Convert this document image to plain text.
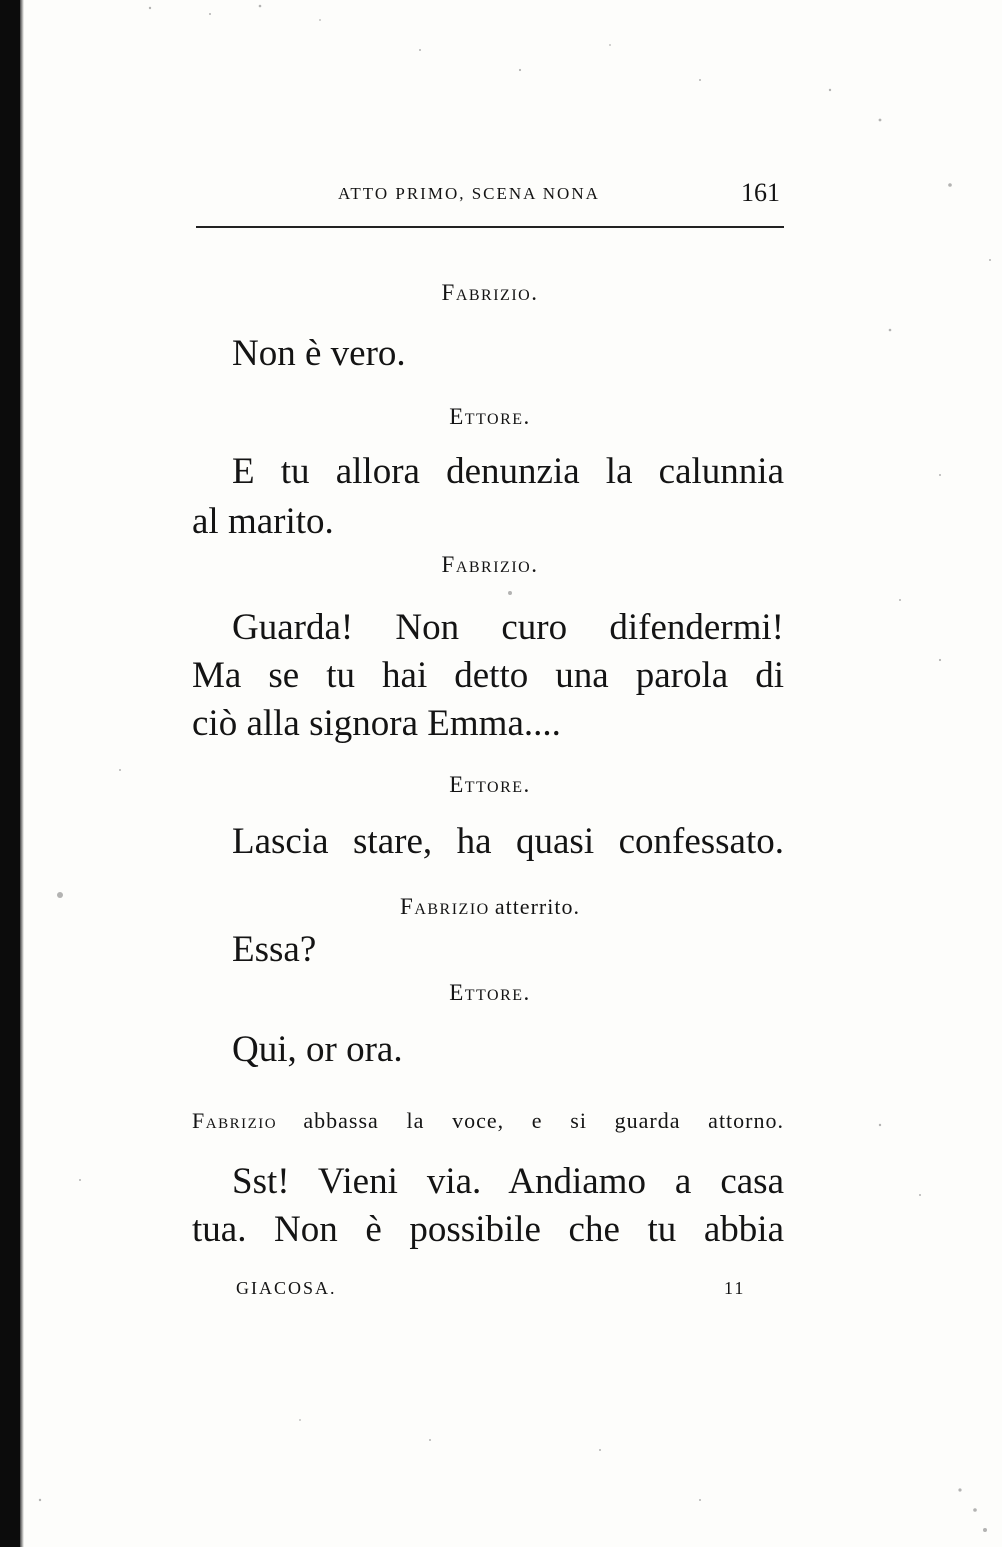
ATTO PRIMO, SCENA NONA	161
Fabrizio.
Non è vero.
Ettore.
E tu allora denunzia la calunnia
al marito.
Fabrizio.
Guarda! Non curo difendermi!
Ma se tu hai detto una parola di
ciò alla signora Emma....
Ettore.
Lascia stare, ha quasi confessato.
Fabrizio atterrito.
Essa?
Ettore.
Qui, or ora.
Fabrizio abbassa la voce, e si guarda attorno.
Sst! Vieni via. Andiamo a casa
tua. Non è possibile che tu abbia
GIACOSA.	11
